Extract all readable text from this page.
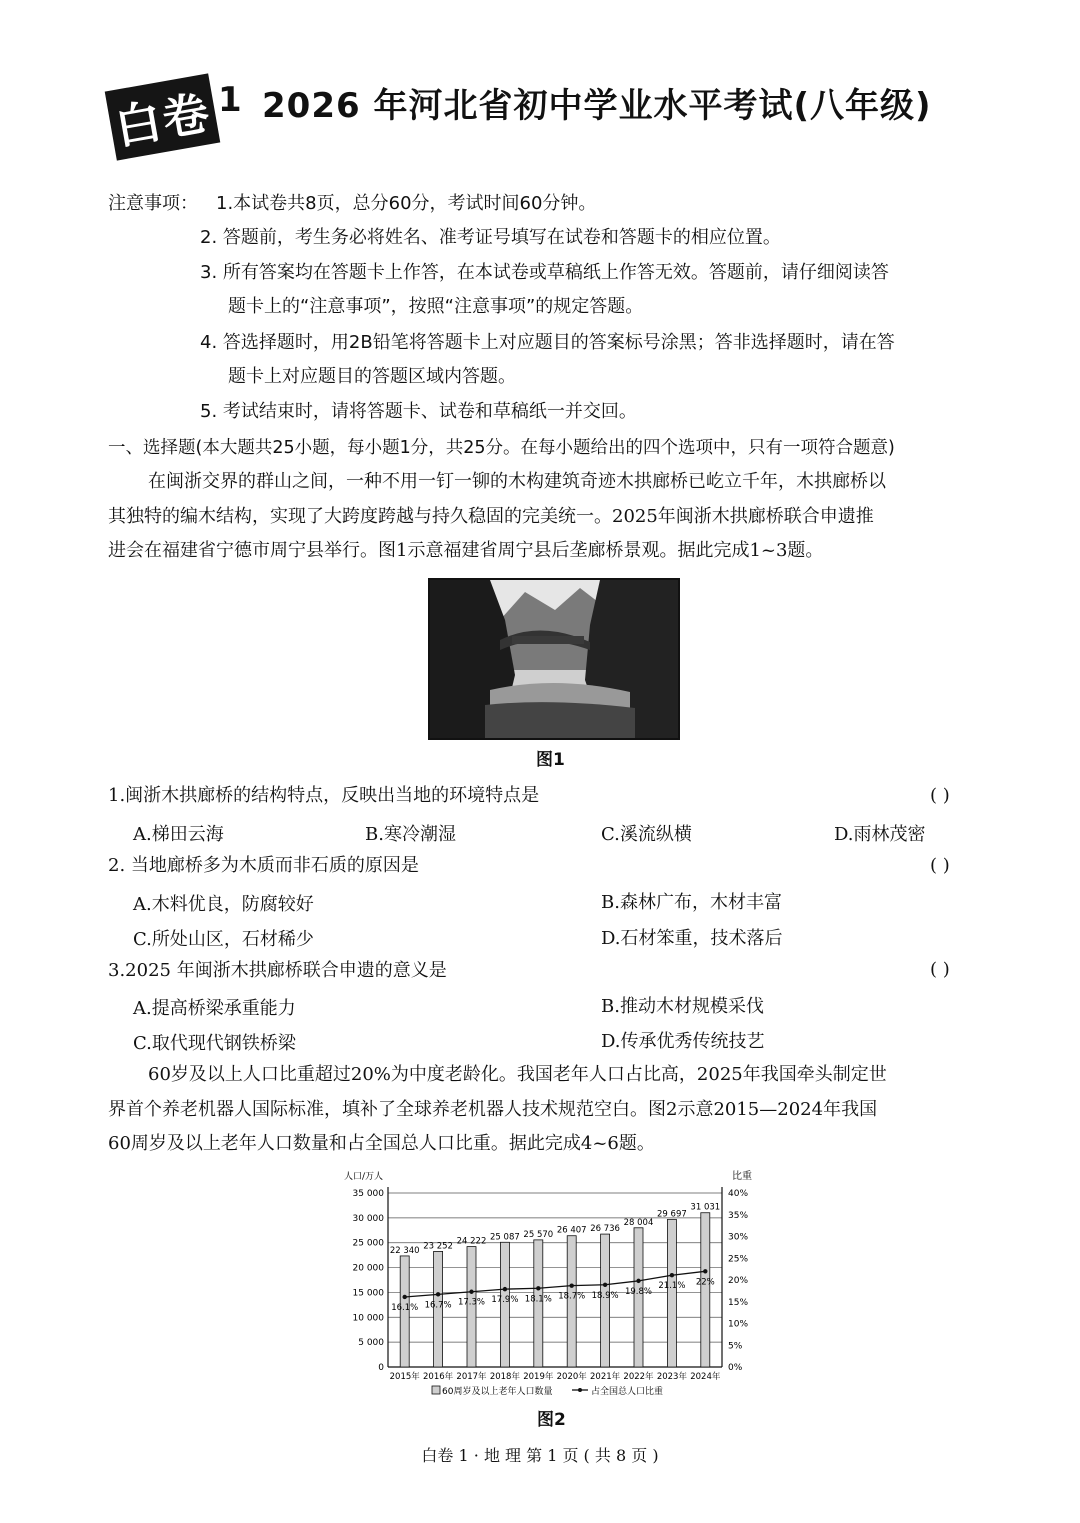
白卷 1 2026 年河北省初中学业水平考试(八年级)
注意事项： 1.本试卷共8页，总分60分，考试时间60分钟。
2. 答题前，考生务必将姓名、准考证号填写在试卷和答题卡的相应位置。
3. 所有答案均在答题卡上作答，在本试卷或草稿纸上作答无效。答题前，请仔细阅读答
题卡上的“注意事项”，按照“注意事项”的规定答题。
4. 答选择题时，用2B铅笔将答题卡上对应题目的答案标号涂黑；答非选择题时，请在答
题卡上对应题目的答题区域内答题。
5. 考试结束时，请将答题卡、试卷和草稿纸一并交回。
一、选择题(本大题共25小题，每小题1分，共25分。在每小题给出的四个选项中，只有一项符合题意)
在闽浙交界的群山之间，一种不用一钉一铆的木构建筑奇迹木拱廊桥已屹立千年，木拱廊桥以
其独特的编木结构，实现了大跨度跨越与持久稳固的完美统一。2025年闽浙木拱廊桥联合申遗推
进会在福建省宁德市周宁县举行。图1示意福建省周宁县后垄廊桥景观。据此完成1~3题。
图1
1.闽浙木拱廊桥的结构特点，反映出当地的环境特点是	( )
A.梯田云海	B.寒冷潮湿	C.溪流纵横	D.雨林茂密
2. 当地廊桥多为木质而非石质的原因是	( )
A.木料优良，防腐较好	B.森林广布，木材丰富
C.所处山区，石材稀少	D.石材笨重，技术落后
3.2025 年闽浙木拱廊桥联合申遗的意义是	( )
A.提高桥梁承重能力	B.推动木材规模采伐
C.取代现代钢铁桥梁	D.传承优秀传统技艺
60岁及以上人口比重超过20%为中度老龄化。我国老年人口占比高，2025年我国牵头制定世
界首个养老机器人国际标准，填补了全球养老机器人技术规范空白。图2示意2015—2024年我国
60周岁及以上老年人口数量和占全国总人口比重。据此完成4~6题。
人口/万人	比重
0
5 000
10 000
15 000
20 000
25 000
30 000
35 000
0%
5%
10%
15%
20%
25%
30%
35%
40%
22 340
2015年
23 252
2016年
24 222
2017年
25 087
2018年
25 570
2019年
26 407
2020年
26 736
2021年
28 004
2022年
29 697
2023年
31 031
2024年
16.1% 16.7% 17.3% 17.9% 18.1% 18.7% 18.9% 19.8%
21.1% 22%
60周岁及以上老年人口数量	占全国总人口比重
图2
白卷 1 · 地 理 第 1 页 ( 共 8 页 )
